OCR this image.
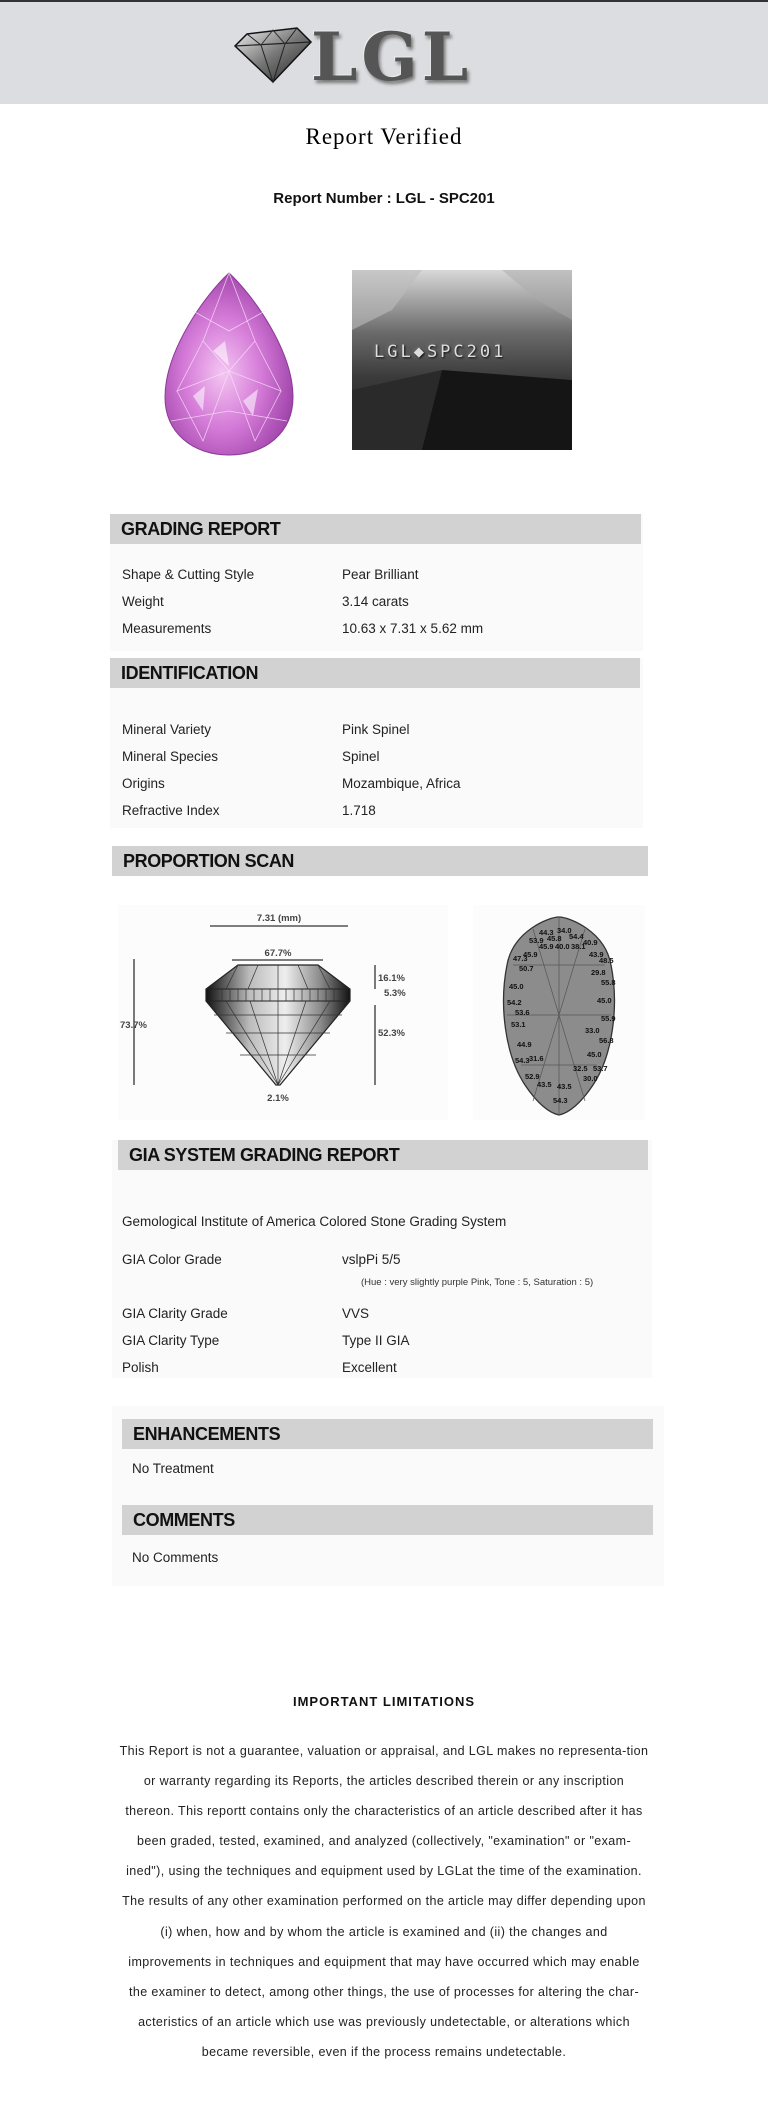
LGL
Report Verified
Report Number : LGL - SPC201
LGL◆SPC201
GRADING REPORT
Shape & Cutting Style	Pear Brilliant
Weight	3.14 carats
Measurements	10.63 x 7.31 x 5.62 mm
IDENTIFICATION
Mineral Variety	Pink Spinel
Mineral Species	Spinel
Origins	Mozambique, Africa
Refractive Index	1.718
PROPORTION SCAN
7.31 (mm)
67.7%
73.7%
16.1%
5.3%
52.3%
2.1%
44.3 34.0
53.9 45.8 54.4
45.9 40.0 38.1
40.9
47.3
45.9
50.7
45.0
54.2
53.6
53.1
44.9
54.3 31.6
52.9
43.5
43.9
48.5
29.8
55.8
45.0
55.9
33.0
56.8
45.0
53.7
32.5
30.0
43.5
54.3
GIA SYSTEM GRADING REPORT
Gemological Institute of America Colored Stone Grading System
GIA Color Grade	vslpPi 5/5
(Hue : very slightly purple Pink, Tone : 5, Saturation : 5)
GIA Clarity Grade	VVS
GIA Clarity Type	Type II GIA
Polish	Excellent
ENHANCEMENTS
No Treatment
COMMENTS
No Comments
IMPORTANT LIMITATIONS
This Report is not a guarantee, valuation or appraisal, and LGL makes no representa-tion or warranty regarding its Reports, the articles described therein or any inscription thereon. This reportt contains only the characteristics of an article described after it has been graded, tested, examined, and analyzed (collectively, "examination" or "exam-ined"), using the techniques and equipment used by LGLat the time of the examination. The results of any other examination performed on the article may differ depending upon (i) when, how and by whom the article is examined and (ii) the changes and improvements in techniques and equipment that may have occurred which may enable the examiner to detect, among other things, the use of processes for altering the char-acteristics of an article which use was previously undetectable, or alterations which became reversible, even if the process remains undetectable.
